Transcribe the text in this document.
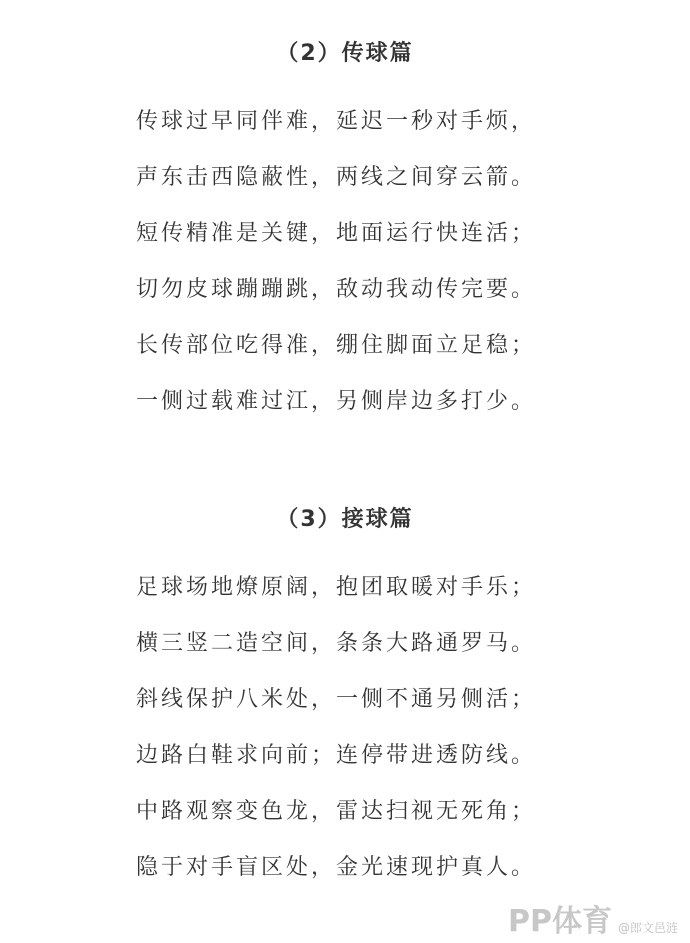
（2）传球篇
传球过早同伴难，延迟一秒对手烦，
声东击西隐蔽性，两线之间穿云箭。
短传精准是关键，地面运行快连活；
切勿皮球蹦蹦跳，敌动我动传完要。
长传部位吃得准，绷住脚面立足稳；
一侧过载难过江，另侧岸边多打少。
（3）接球篇
足球场地燎原阔，抱团取暖对手乐；
横三竖二造空间，条条大路通罗马。
斜线保护八米处，一侧不通另侧活；
边路白鞋求向前；连停带进透防线。
中路观察变色龙，雷达扫视无死角；
隐于对手盲区处，金光速现护真人。
PP体育 @郎文邑涟
